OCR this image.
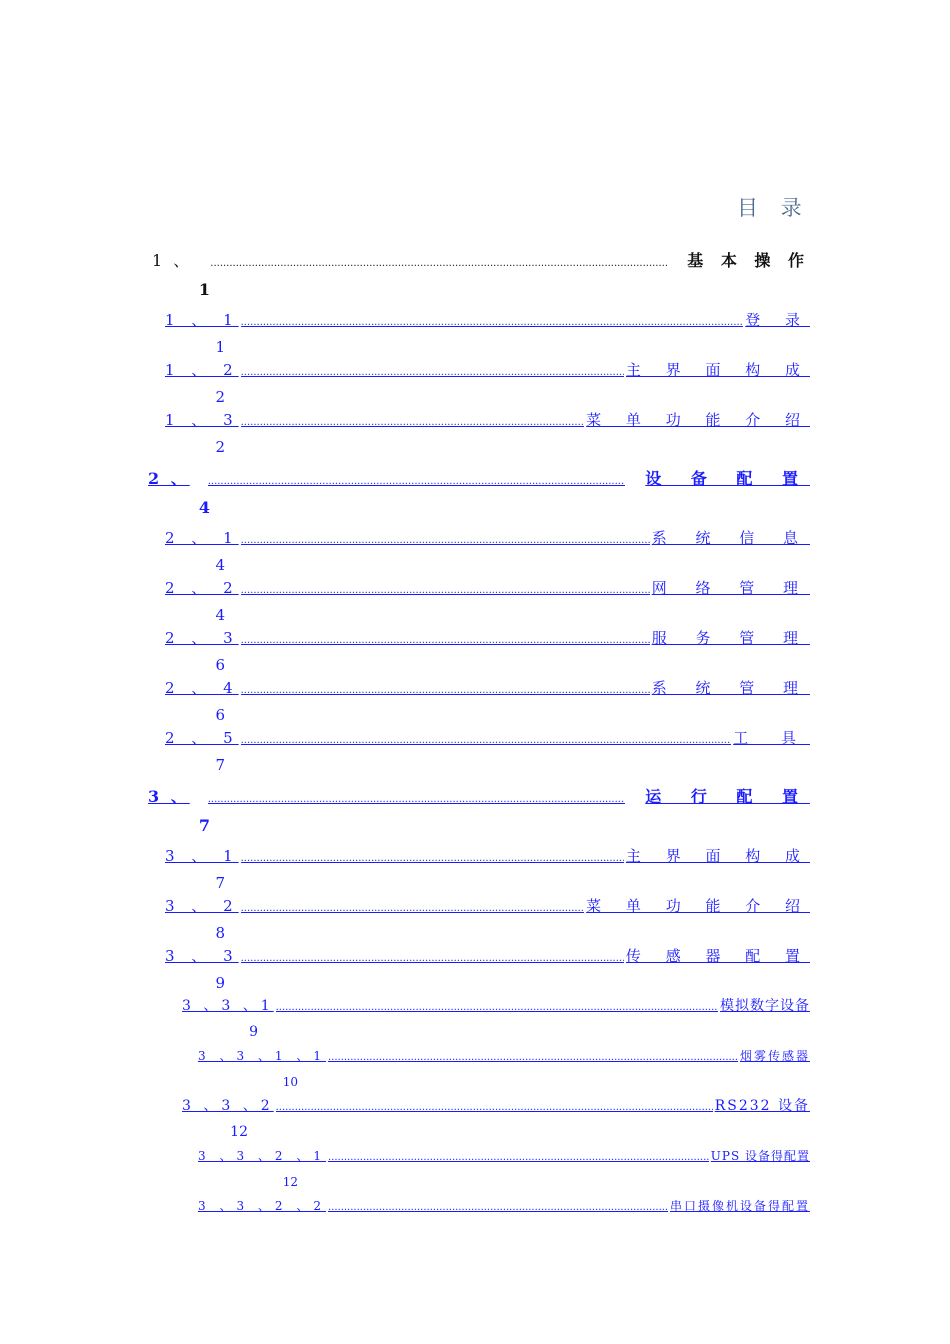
目 录
1 、 .....	基 本 操 作
1
1 、 1 .....	登 录
1
1 、 2 .....	主 界 面 构 成
2
1 、 3 .....	菜 单 功 能 介 绍
2
2 、 .....	设 备 配 置
4
2 、 1 .....	系 统 信 息
4
2 、 2 .....	网 络 管 理
4
2 、 3 .....	服 务 管 理
6
2 、 4 .....	系 统 管 理
6
2 、 5 .....	工 具
7
3 、 .....	运 行 配 置
7
3 、 1 .....	主 界 面 构 成
7
3 、 2 .....	菜 单 功 能 介 绍
8
3 、 3 .....	传 感 器 配 置
9
3 、3 、1 .....	模拟数字设备
9
3 、3 、1 、1 .....	烟雾传感器
10
3 、3 、2 .....	RS232 设备
12
3 、3 、2 、1 .....	UPS 设备得配置
12
3 、3 、2 、2 .....	串口摄像机设备得配置
